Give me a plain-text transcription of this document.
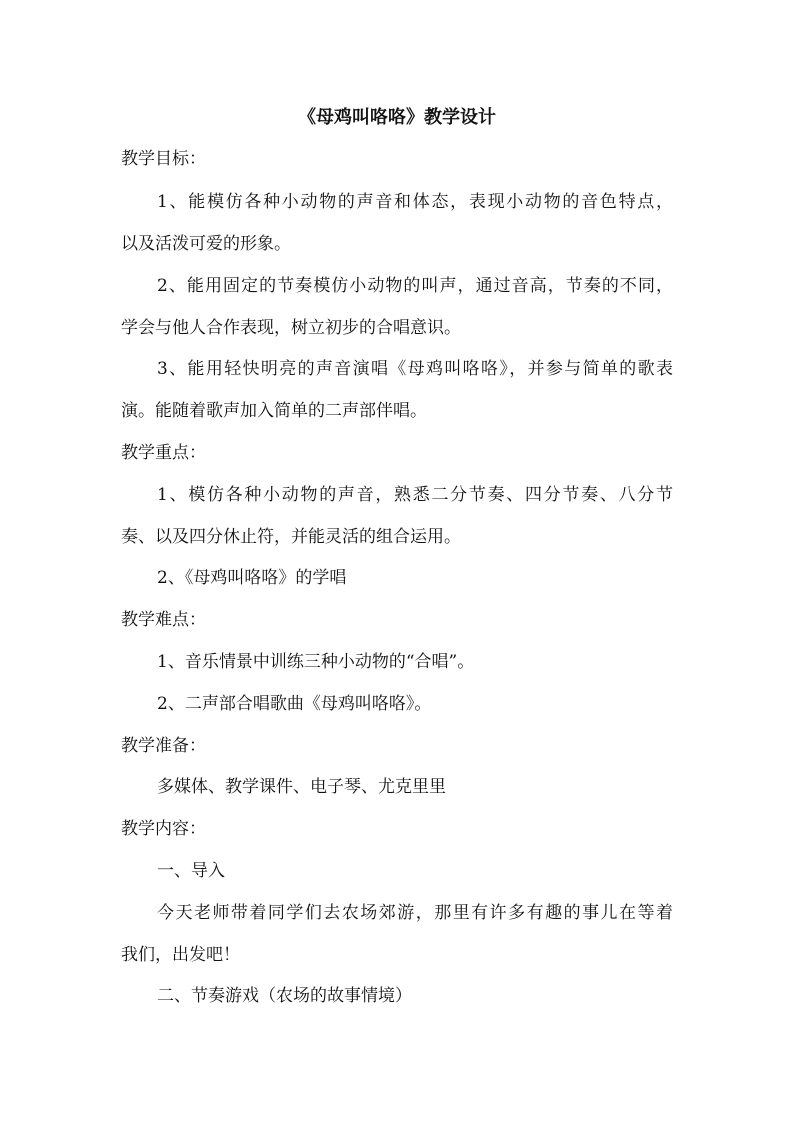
《母鸡叫咯咯》教学设计

教学目标：

1、能模仿各种小动物的声音和体态，表现小动物的音色特点，

以及活泼可爱的形象。

2、能用固定的节奏模仿小动物的叫声，通过音高，节奏的不同，

学会与他人合作表现，树立初步的合唱意识。

3、能用轻快明亮的声音演唱《母鸡叫咯咯》，并参与简单的歌表

演。能随着歌声加入简单的二声部伴唱。

教学重点：

1、模仿各种小动物的声音，熟悉二分节奏、四分节奏、八分节

奏、以及四分休止符，并能灵活的组合运用。

2、《母鸡叫咯咯》的学唱

教学难点：

1、音乐情景中训练三种小动物的“合唱”。

2、二声部合唱歌曲《母鸡叫咯咯》。

教学准备：

多媒体、教学课件、电子琴、尤克里里

教学内容：

一、导入

今天老师带着同学们去农场郊游，那里有许多有趣的事儿在等着

我们，出发吧！

二、节奏游戏（农场的故事情境）
